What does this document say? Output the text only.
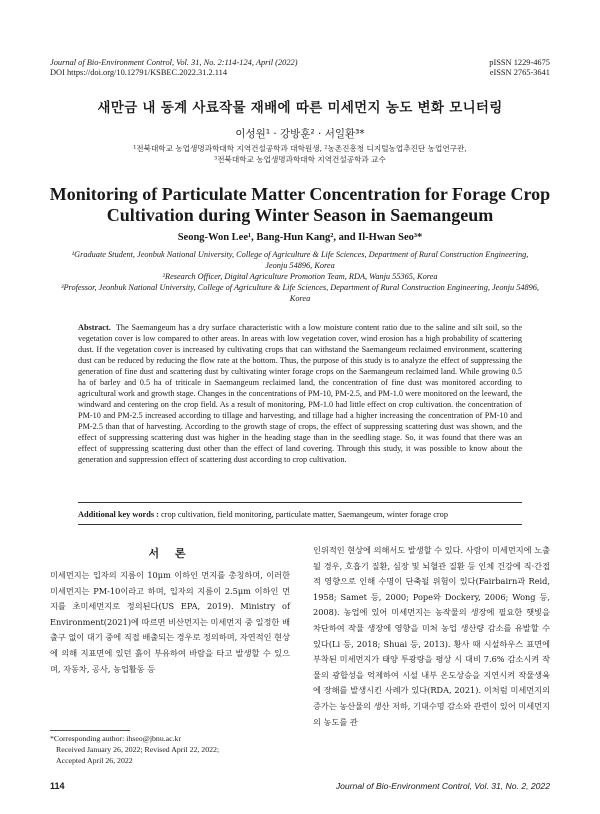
Journal of Bio-Environment Control, Vol. 31, No. 2:114-124, April (2022)
DOI https://doi.org/10.12791/KSBEC.2022.31.2.114
pISSN 1229-4675
eISSN 2765-3641
새만금 내 동계 사료작물 재배에 따른 미세먼지 농도 변화 모니터링
이성원¹ · 강방훈² · 서일환³*
¹전북대학교 농업생명과학대학 지역건설공학과 대학원생, ²농촌진흥청 디지털농업추진단 농업연구관,
³전북대학교 농업생명과학대학 지역건설공학과 교수
Monitoring of Particulate Matter Concentration for Forage Crop Cultivation during Winter Season in Saemangeum
Seong-Won Lee¹, Bang-Hun Kang², and Il-Hwan Seo³*
¹Graduate Student, Jeonbuk National University, College of Agriculture & Life Sciences, Department of Rural Construction Engineering, Jeonju 54896, Korea
²Research Officer, Digital Agriculture Promotion Team, RDA, Wanju 55365, Korea
³Professor, Jeonbuk National University, College of Agriculture & Life Sciences, Department of Rural Construction Engineering, Jeonju 54896, Korea
Abstract. The Saemangeum has a dry surface characteristic with a low moisture content ratio due to the saline and silt soil, so the vegetation cover is low compared to other areas. In areas with low vegetation cover, wind erosion has a high probability of scattering dust. If the vegetation cover is increased by cultivating crops that can withstand the Saemangeum reclaimed environment, scattering dust can be reduced by reducing the flow rate at the bottom. Thus, the purpose of this study is to analyze the effect of suppressing the generation of fine dust and scattering dust by cultivating winter forage crops on the Saemangeum reclaimed land. While growing 0.5 ha of barley and 0.5 ha of triticale in Saemangeum reclaimed land, the concentration of fine dust was monitored according to agricultural work and growth stage. Changes in the concentrations of PM-10, PM-2.5, and PM-1.0 were monitored on the leeward, the windward and centering on the crop field. As a result of monitoring, PM-1.0 had little effect on crop cultivation. the concentration of PM-10 and PM-2.5 increased according to tillage and harvesting, and tillage had a higher increasing the concentration of PM-10 and PM-2.5 than that of harvesting. According to the growth stage of crops, the effect of suppressing scattering dust was shown, and the effect of suppressing scattering dust was higher in the heading stage than in the seedling stage. So, it was found that there was an effect of suppressing scattering dust other than the effect of land covering. Through this study, it was possible to know about the generation and suppression effect of scattering dust according to crop cultivation.
Additional key words : crop cultivation, field monitoring, particulate matter, Saemangeum, winter forage crop
서 론
미세먼지는 입자의 지름이 10μm 이하인 먼지를 총칭하며, 이러한 미세먼지는 PM-10이라고 하며, 입자의 지름이 2.5μm 이하인 먼지를 초미세먼지로 정의된다(US EPA, 2019). Ministry of Environment(2021)에 따르면 비산먼지는 미세먼지 중 일정한 배출구 없이 대기 중에 직접 배출되는 경우로 정의하며, 자연적인 현상에 의해 지표면에 있던 흙이 부유하여 바람을 타고 발생할 수 있으며, 자동차, 공사, 농업활동 등
*Corresponding author: ihseo@jbnu.ac.kr
Received January 26, 2022; Revised April 22, 2022;
Accepted April 26, 2022
인위적인 현상에 의해서도 발생할 수 있다. 사람이 미세먼지에 노출될 경우, 호흡기 질환, 심장 및 뇌혈관 질환 등 인체 건강에 직·간접적 영향으로 인해 수명이 단축될 위험이 있다(Fairbairn과 Reid, 1958; Samet 등, 2000; Pope와 Dockery, 2006; Wong 등, 2008). 농업에 있어 미세먼지는 농작물의 생장에 필요한 햇빛을 차단하여 작물 생장에 영향을 미쳐 농업 생산량 감소를 유발할 수 있다(Li 등, 2018; Shuai 등, 2013). 황사 때 시설하우스 표면에 부착된 미세먼지가 태양 투광량을 평상 시 대비 7.6% 감소시켜 작물의 광합성을 억제하여 시설 내부 온도상승을 지연시켜 작물생육에 장해를 발생시킨 사례가 있다(RDA, 2021). 이처럼 미세먼지의 증가는 농산물의 생산 저하, 기대수명 감소와 관련이 있어 미세먼지의 농도를 관
114	Journal of Bio-Environment Control, Vol. 31, No. 2, 2022
